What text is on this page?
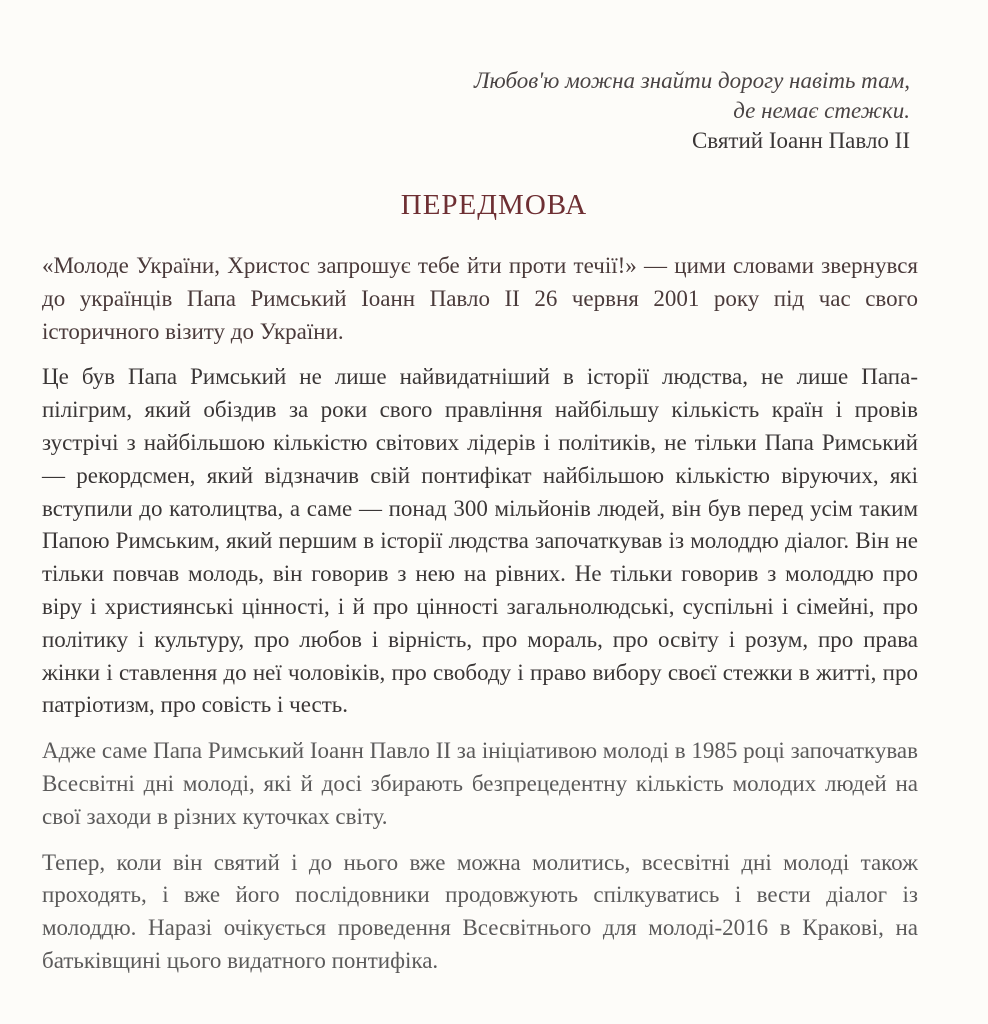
Любов'ю можна знайти дорогу навіть там,
де немає стежки.
Святий Іоанн Павло ІІ
ПЕРЕДМОВА

«Молоде України, Христос запрошує тебе йти проти течії!» — цими словами звернувся до українців Папа Римський Іоанн Павло ІІ 26 червня 2001 року під час свого історичного візиту до України.

Це був Папа Римський не лише найвидатніший в історії людства, не лише Папа-пілігрим, який обіздив за роки свого правління найбільшу кількість країн і провів зустрічі з найбільшою кількістю світових лідерів і політиків, не тільки Папа Римський — рекордсмен, який відзначив свій понтифікат найбільшою кількістю віруючих, які вступили до католицтва, а саме — понад 300 мільйонів людей, він був перед усім таким Папою Римським, який першим в історії людства започаткував із молоддю діалог. Він не тільки повчав молодь, він говорив з нею на рівних. Не тільки говорив з молоддю про віру і християнські цінності, і й про цінності загальнолюдські, суспільні і сімейні, про політику і культуру, про любов і вірність, про мораль, про освіту і розум, про права жінки і ставлення до неї чоловіків, про свободу і право вибору своєї стежки в житті, про патріотизм, про совість і честь.

Адже саме Папа Римський Іоанн Павло ІІ за ініціативою молоді в 1985 році започаткував Всесвітні дні молоді, які й досі збирають безпрецедентну кількість молодих людей на свої заходи в різних куточках світу.

Тепер, коли він святий і до нього вже можна молитись, всесвітні дні молоді також проходять, і вже його послідовники продовжують спілкуватись і вести діалог із молоддю. Наразі очікується проведення Всесвітнього для молоді-2016 в Кракові, на батьківщині цього видатного понтифіка.
